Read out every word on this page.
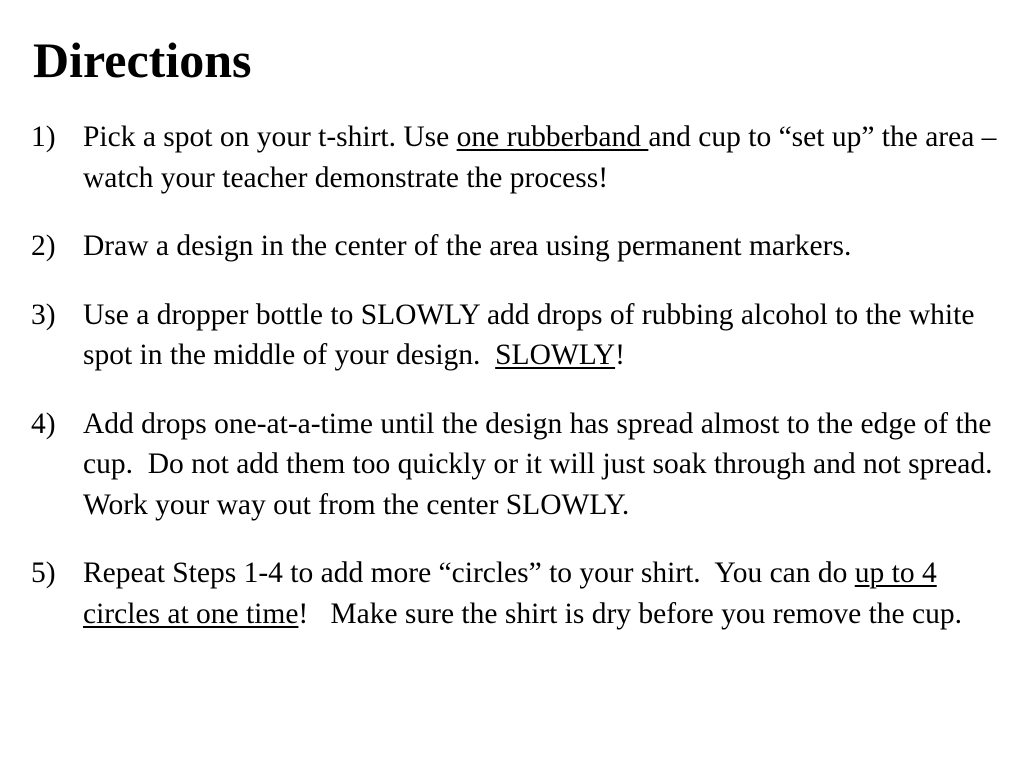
Directions
1) Pick a spot on your t-shirt. Use one rubberband and cup to “set up” the area – watch your teacher demonstrate the process!
2) Draw a design in the center of the area using permanent markers.
3) Use a dropper bottle to SLOWLY add drops of rubbing alcohol to the white spot in the middle of your design.  SLOWLY!
4) Add drops one-at-a-time until the design has spread almost to the edge of the cup.  Do not add them too quickly or it will just soak through and not spread.  Work your way out from the center SLOWLY.
5) Repeat Steps 1-4 to add more “circles” to your shirt.  You can do up to 4 circles at one time!   Make sure the shirt is dry before you remove the cup.
